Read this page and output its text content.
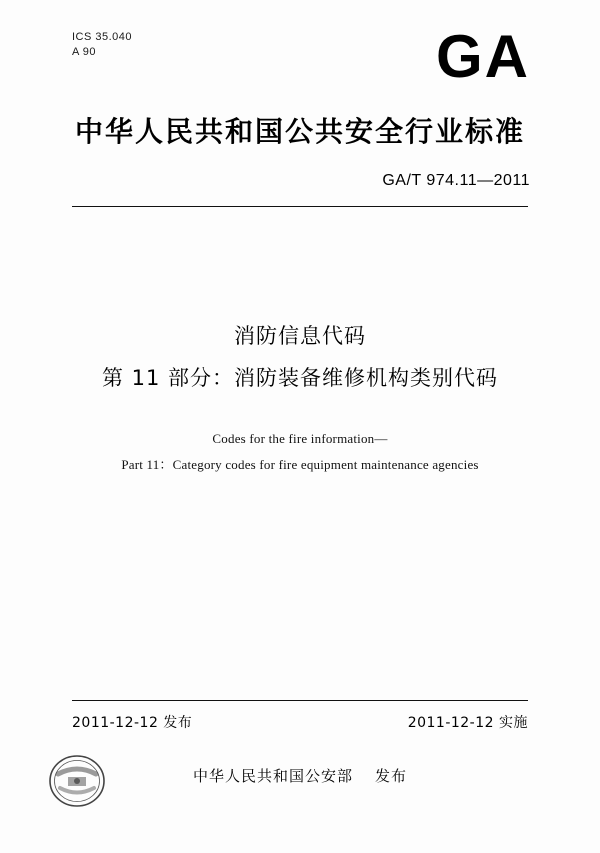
ICS 35.040
A 90	GA
中华人民共和国公共安全行业标准
GA/T 974.11—2011
消防信息代码
第 11 部分：消防装备维修机构类别代码
Codes for the fire information—
Part 11：Category codes for fire equipment maintenance agencies
2011-12-12 发布	2011-12-12 实施
中华人民共和国公安部 发布
